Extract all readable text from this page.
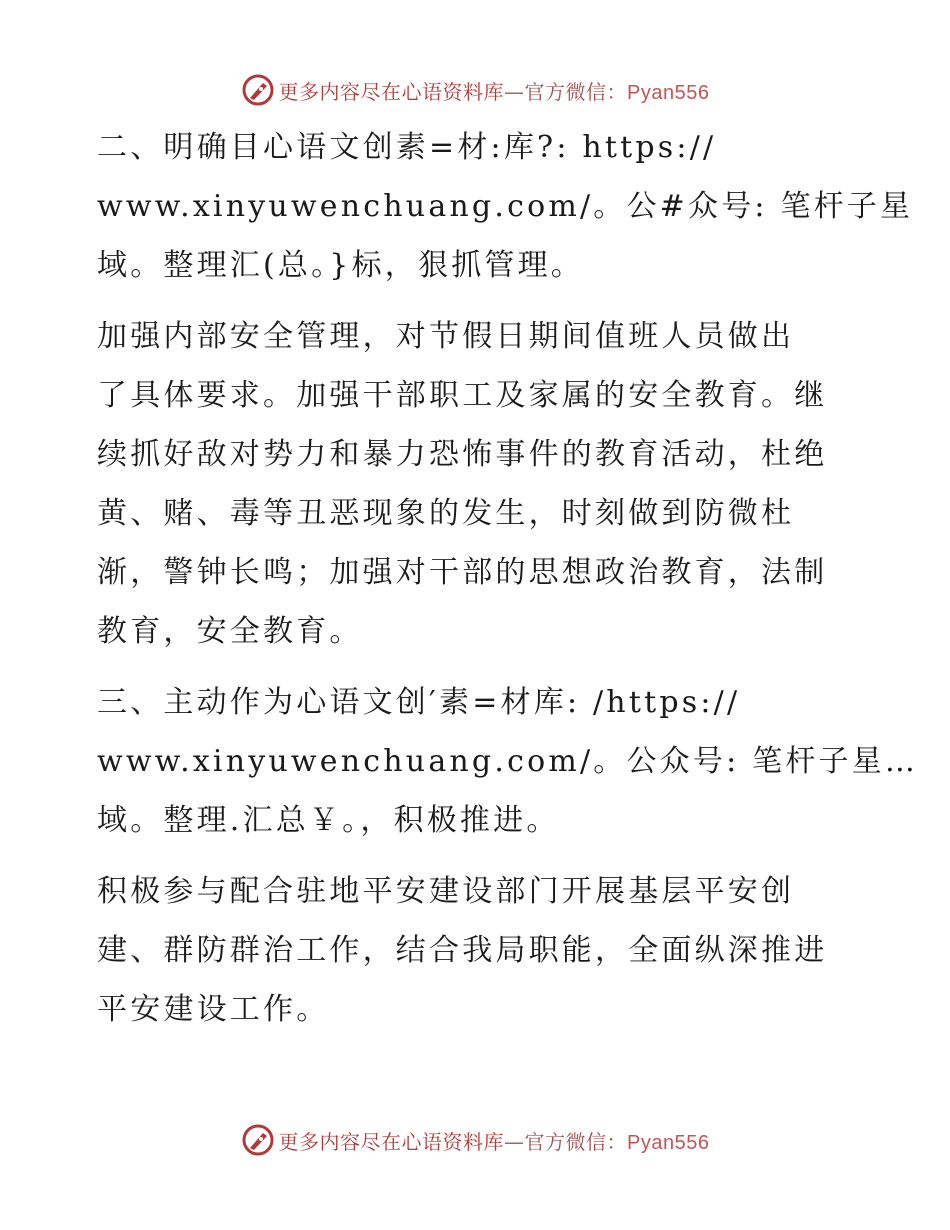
更多内容尽在心语资料库—官方微信：Pyan556
二、明确目心语文创素=材:库?: https://
www.xinyuwenchuang.com/。公#众号: 笔杆子星
域。整理汇(总。}标，狠抓管理。
加强内部安全管理，对节假日期间值班人员做出
了具体要求。加强干部职工及家属的安全教育。继
续抓好敌对势力和暴力恐怖事件的教育活动，杜绝
黄、赌、毒等丑恶现象的发生，时刻做到防微杜
渐，警钟长鸣；加强对干部的思想政治教育，法制
教育，安全教育。
三、主动作为心语文创′素=材库: /https://
www.xinyuwenchuang.com/。公众号: 笔杆子星…
域。整理.汇总￥。，积极推进。
积极参与配合驻地平安建设部门开展基层平安创
建、群防群治工作，结合我局职能，全面纵深推进
平安建设工作。
更多内容尽在心语资料库—官方微信：Pyan556
